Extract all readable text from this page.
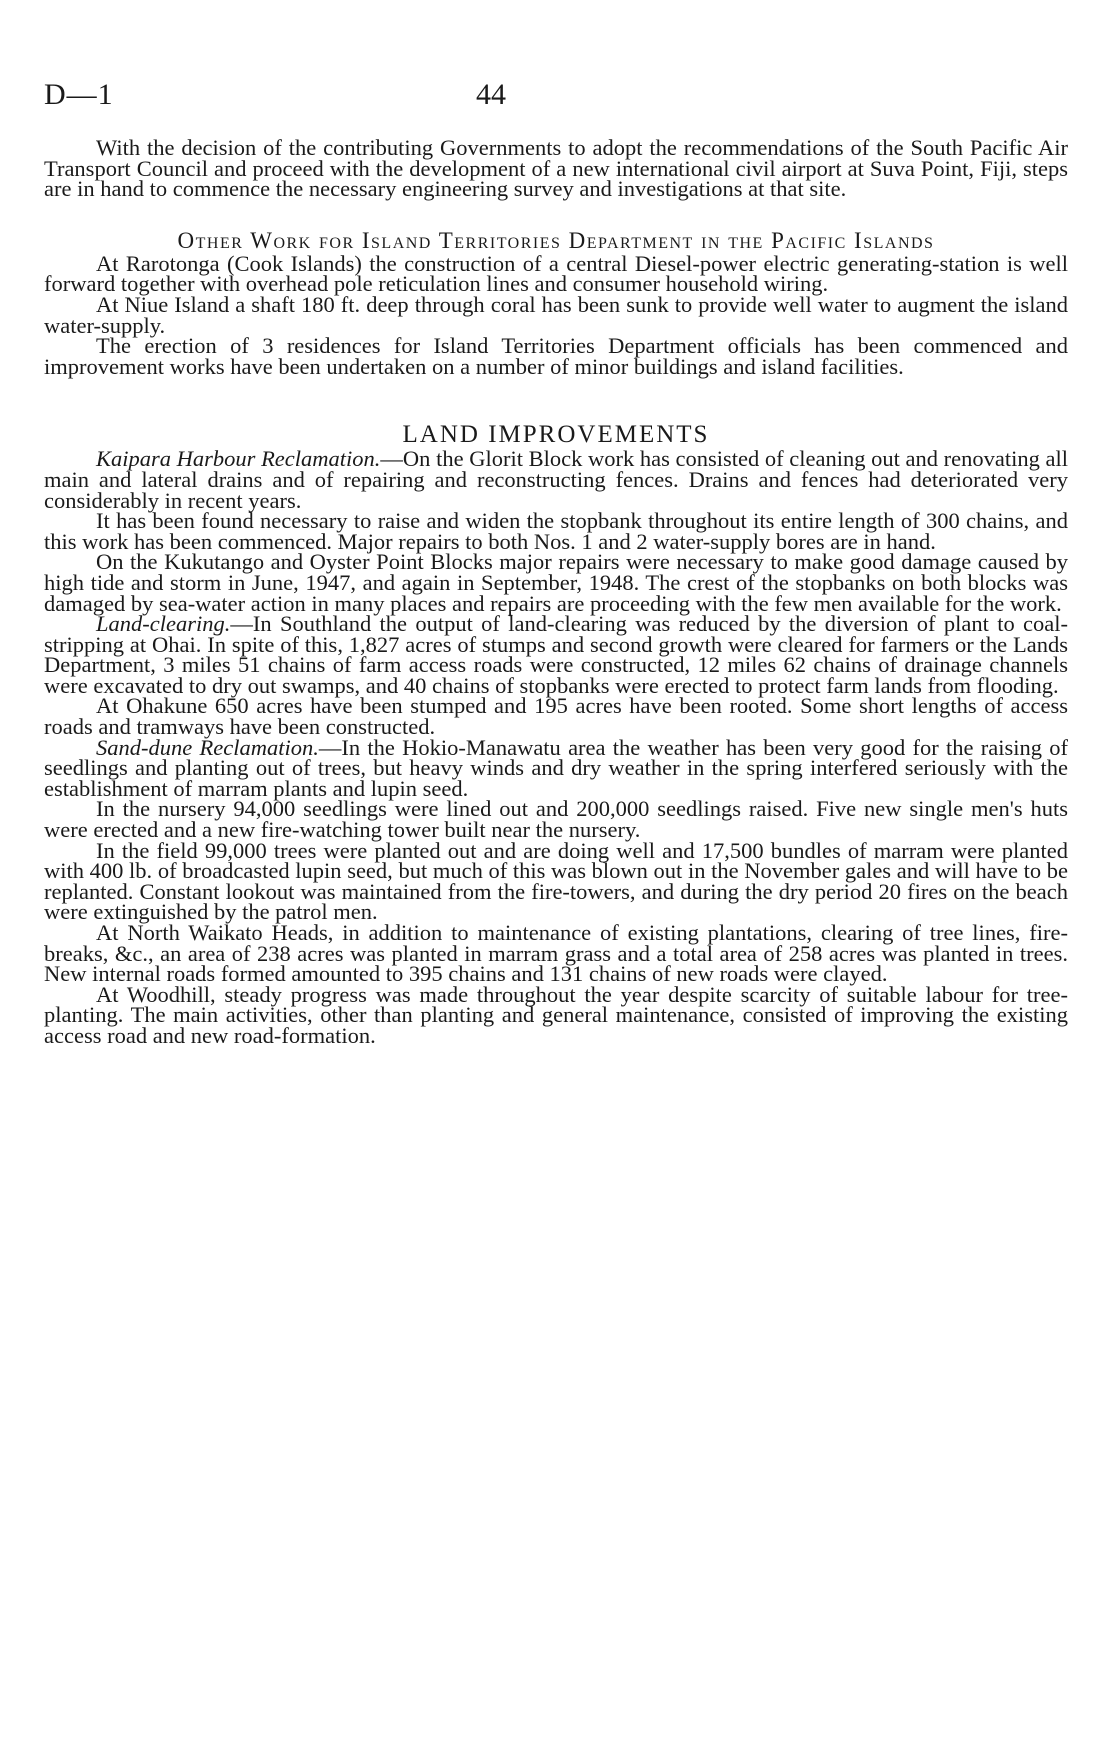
D—1	44

With the decision of the contributing Governments to adopt the recommendations of the South Pacific Air Transport Council and proceed with the development of a new international civil airport at Suva Point, Fiji, steps are in hand to commence the necessary engineering survey and investigations at that site.

Other Work for Island Territories Department in the Pacific Islands

At Rarotonga (Cook Islands) the construction of a central Diesel-power electric generating-station is well forward together with overhead pole reticulation lines and consumer household wiring.

At Niue Island a shaft 180 ft. deep through coral has been sunk to provide well water to augment the island water-supply.

The erection of 3 residences for Island Territories Department officials has been commenced and improvement works have been undertaken on a number of minor buildings and island facilities.

LAND IMPROVEMENTS

Kaipara Harbour Reclamation.—On the Glorit Block work has consisted of cleaning out and renovating all main and lateral drains and of repairing and reconstructing fences. Drains and fences had deteriorated very considerably in recent years.

It has been found necessary to raise and widen the stopbank throughout its entire length of 300 chains, and this work has been commenced. Major repairs to both Nos. 1 and 2 water-supply bores are in hand.

On the Kukutango and Oyster Point Blocks major repairs were necessary to make good damage caused by high tide and storm in June, 1947, and again in September, 1948. The crest of the stopbanks on both blocks was damaged by sea-water action in many places and repairs are proceeding with the few men available for the work.

Land-clearing.—In Southland the output of land-clearing was reduced by the diversion of plant to coal-stripping at Ohai. In spite of this, 1,827 acres of stumps and second growth were cleared for farmers or the Lands Department, 3 miles 51 chains of farm access roads were constructed, 12 miles 62 chains of drainage channels were excavated to dry out swamps, and 40 chains of stopbanks were erected to protect farm lands from flooding.

At Ohakune 650 acres have been stumped and 195 acres have been rooted. Some short lengths of access roads and tramways have been constructed.

Sand-dune Reclamation.—In the Hokio-Manawatu area the weather has been very good for the raising of seedlings and planting out of trees, but heavy winds and dry weather in the spring interfered seriously with the establishment of marram plants and lupin seed.

In the nursery 94,000 seedlings were lined out and 200,000 seedlings raised. Five new single men's huts were erected and a new fire-watching tower built near the nursery.

In the field 99,000 trees were planted out and are doing well and 17,500 bundles of marram were planted with 400 lb. of broadcasted lupin seed, but much of this was blown out in the November gales and will have to be replanted. Constant lookout was maintained from the fire-towers, and during the dry period 20 fires on the beach were extinguished by the patrol men.

At North Waikato Heads, in addition to maintenance of existing plantations, clearing of tree lines, fire-breaks, &c., an area of 238 acres was planted in marram grass and a total area of 258 acres was planted in trees. New internal roads formed amounted to 395 chains and 131 chains of new roads were clayed.

At Woodhill, steady progress was made throughout the year despite scarcity of suitable labour for tree-planting. The main activities, other than planting and general maintenance, consisted of improving the existing access road and new road-formation.
